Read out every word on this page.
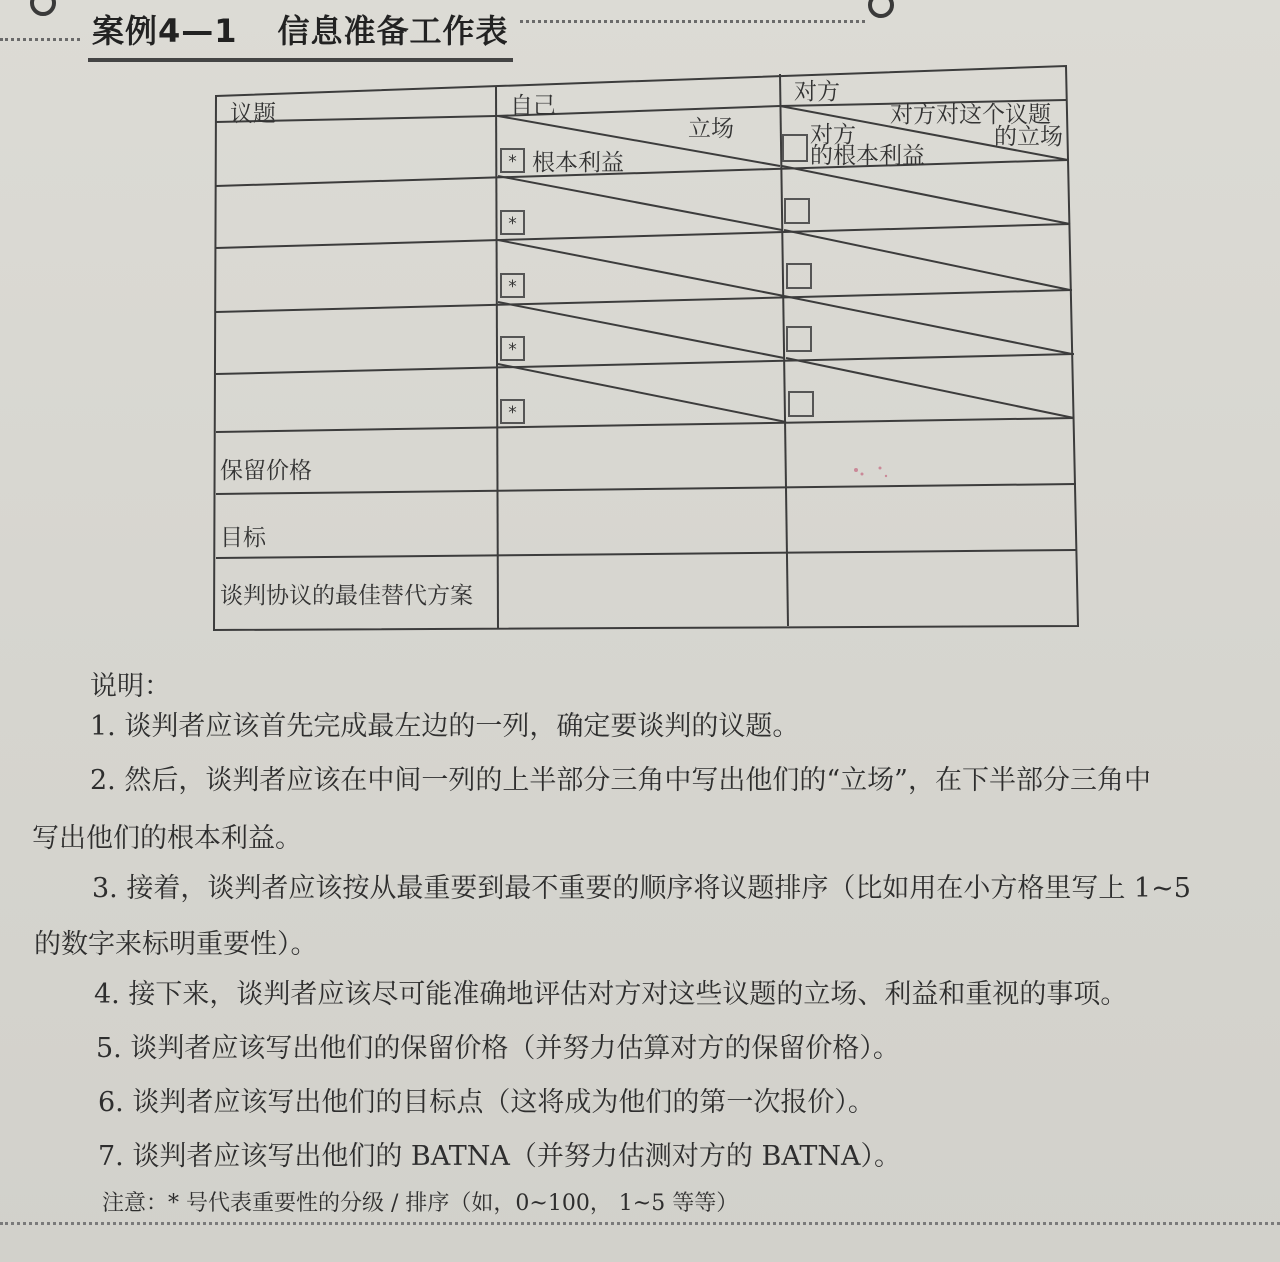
案例4—1 信息准备工作表
议题	自己
对方
立场
根本利益
*
对方对这个议题
的立场
对方
的根本利益
*
*
*
*
保留价格
目标
谈判协议的最佳替代方案
说明：
1. 谈判者应该首先完成最左边的一列，确定要谈判的议题。
2. 然后，谈判者应该在中间一列的上半部分三角中写出他们的“立场”，在下半部分三角中
写出他们的根本利益。
3. 接着，谈判者应该按从最重要到最不重要的顺序将议题排序（比如用在小方格里写上 1~5
的数字来标明重要性）。
4. 接下来，谈判者应该尽可能准确地评估对方对这些议题的立场、利益和重视的事项。
5. 谈判者应该写出他们的保留价格（并努力估算对方的保留价格）。
6. 谈判者应该写出他们的目标点（这将成为他们的第一次报价）。
7. 谈判者应该写出他们的 BATNA（并努力估测对方的 BATNA）。
注意：* 号代表重要性的分级 / 排序（如，0~100， 1~5 等等）
